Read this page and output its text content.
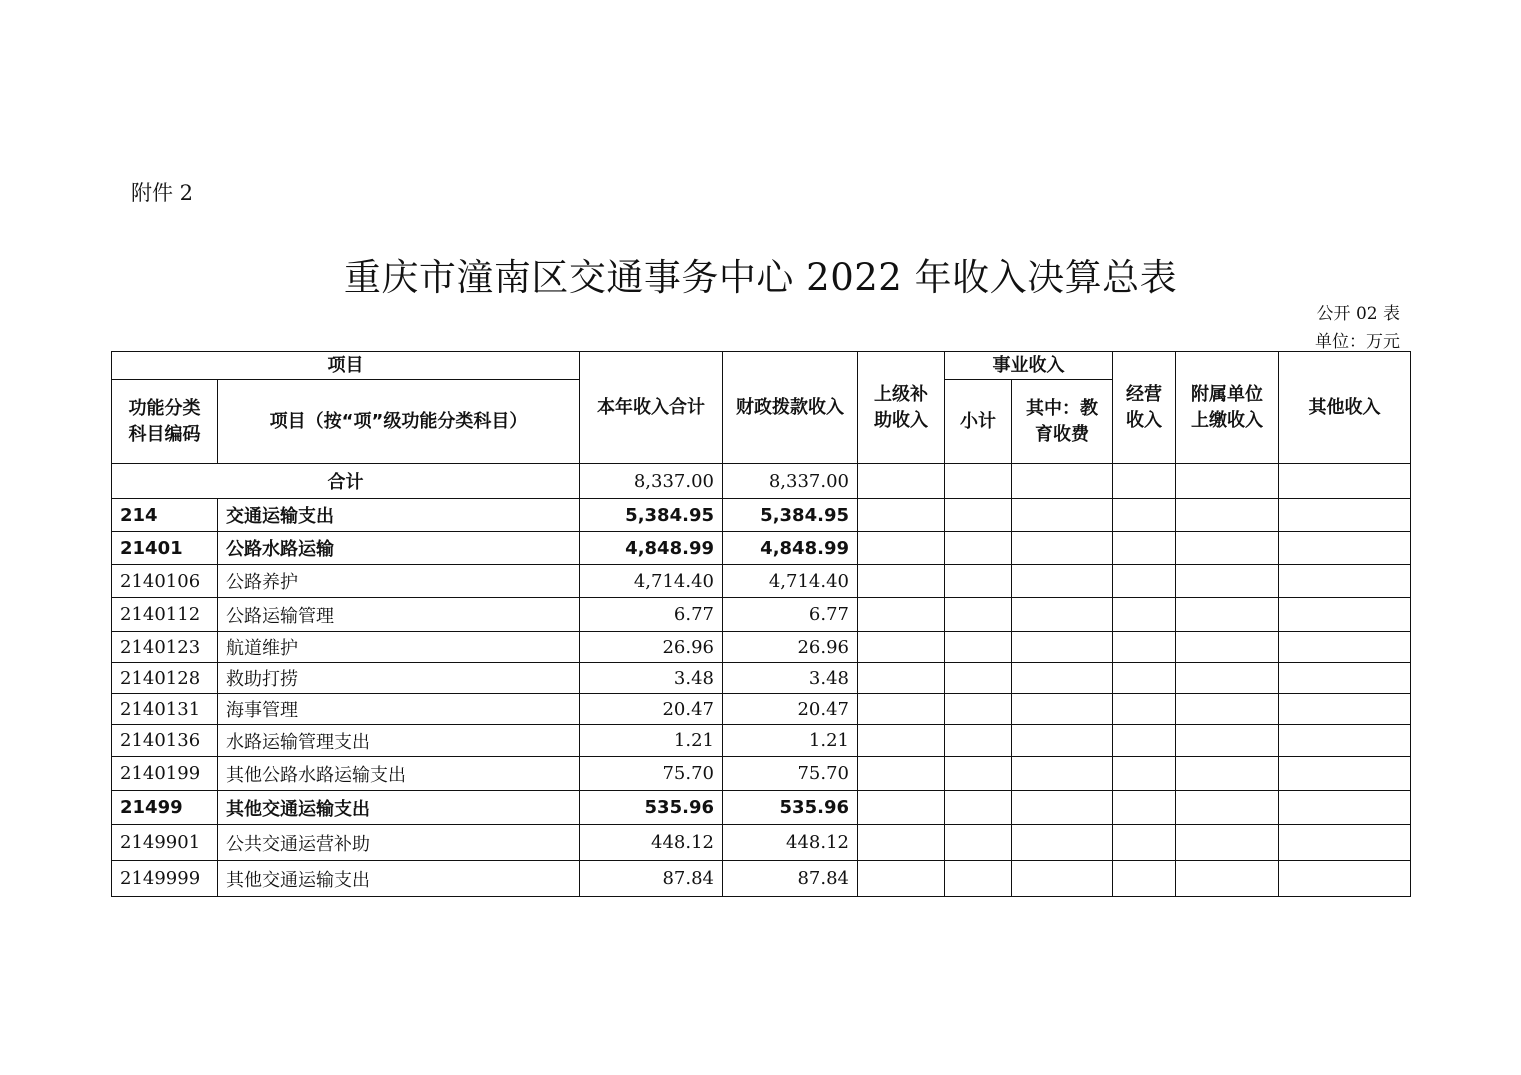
附件 2
重庆市潼南区交通事务中心 2022 年收入决算总表
公开 02 表
单位：万元
项目		本年收入合计	财政拨款收入	上级补助收入	事业收入		经营收入	附属单位上缴收入	其他收入
功能分类科目编码	项目（按“项”级功能分类科目）				小计	其中：教育收费			
合计		8,337.00	8,337.00						
214	交通运输支出	5,384.95	5,384.95						
21401	公路水路运输	4,848.99	4,848.99						
2140106	公路养护	4,714.40	4,714.40						
2140112	公路运输管理	6.77	6.77						
2140123	航道维护	26.96	26.96						
2140128	救助打捞	3.48	3.48						
2140131	海事管理	20.47	20.47						
2140136	水路运输管理支出	1.21	1.21						
2140199	其他公路水路运输支出	75.70	75.70						
21499	其他交通运输支出	535.96	535.96						
2149901	公共交通运营补助	448.12	448.12						
2149999	其他交通运输支出	87.84	87.84						
